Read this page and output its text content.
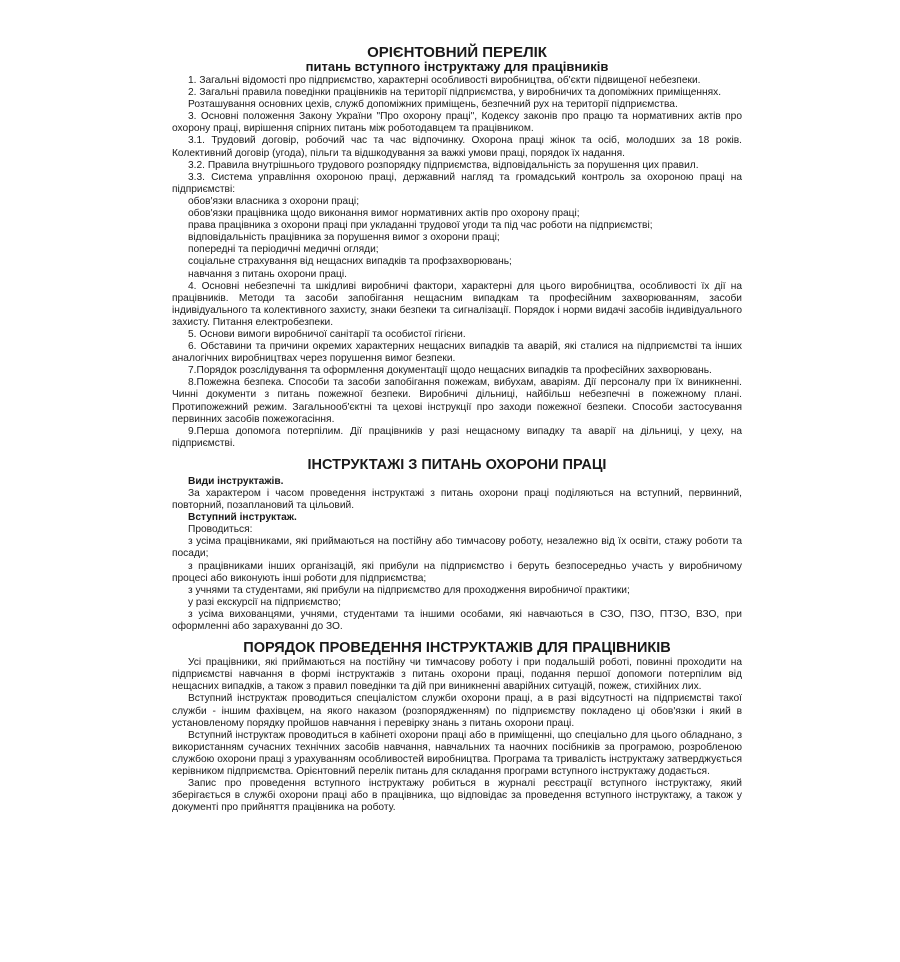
ОРІЄНТОВНИЙ ПЕРЕЛІК
питань вступного інструктажу для працівників

1. Загальні відомості про підприємство, характерні особливості виробництва, об'єкти підвищеної небезпеки.

2. Загальні правила поведінки працівників на території підприємства, у виробничих та допоміжних приміщеннях.

Розташування основних цехів, служб допоміжних приміщень, безпечний рух на території підприємства.

3. Основні положення Закону України "Про охорону праці", Кодексу законів про працю та нормативних актів про охорону праці, вирішення спірних питань між роботодавцем та працівником.

3.1. Трудовий договір, робочий час та час відпочинку. Охорона праці жінок та осіб, молодших за 18 років. Колективний договір (угода), пільги та відшкодування за важкі умови праці, порядок їх надання.

3.2. Правила внутрішнього трудового розпорядку підприємства, відповідальність за порушення цих правил.

3.3. Система управління охороною праці, державний нагляд та громадський контроль за охороною праці на підприємстві:

обов'язки власника з охорони праці;

обов'язки працівника щодо виконання вимог нормативних актів про охорону праці;

права працівника з охорони праці при укладанні трудової угоди та під час роботи на підприємстві;

відповідальність працівника за порушення вимог з охорони праці;

попередні та періодичні медичні огляди;

соціальне страхування від нещасних випадків та профзахворювань;

навчання з питань охорони праці.

4. Основні небезпечні та шкідливі виробничі фактори, характерні для цього виробництва, особливості їх дії на працівників. Методи та засоби запобігання нещасним випадкам та професійним захворюванням, засоби індивідуального та колективного захисту, знаки безпеки та сигналізації. Порядок і норми видачі засобів індивідуального захисту. Питання електробезпеки.

5. Основи вимоги виробничої санітарії та особистої гігієни.

6. Обставини та причини окремих характерних нещасних випадків та аварій, які сталися на підприємстві та інших аналогічних виробництвах через порушення вимог безпеки.

7.Порядок розслідування та оформлення документації щодо нещасних випадків та професійних захворювань.

8.Пожежна безпека. Способи та засоби запобігання пожежам, вибухам, аваріям. Дії персоналу при їх виникненні. Чинні документи з питань пожежної безпеки. Виробничі дільниці, найбільш небезпечні в пожежному плані. Протипожежний режим. Загальнооб'єктні та цехові інструкції про заходи пожежної безпеки. Способи застосування первинних засобів пожежогасіння.

9.Перша допомога потерпілим. Дії працівників у разі нещасному випадку та аварії на дільниці, у цеху, на підприємстві.

ІНСТРУКТАЖІ З ПИТАНЬ ОХОРОНИ ПРАЦІ

Види інструктажів.

За характером і часом проведення інструктажі з питань охорони праці поділяються на вступний, первинний, повторний, позаплановий та цільовий.

Вступний інструктаж.

Проводиться:

з усіма працівниками, які приймаються на постійну або тимчасову роботу, незалежно від їх освіти, стажу роботи та посади;

з працівниками інших організацій, які прибули на підприємство і беруть безпосередньо участь у виробничому процесі або виконують інші роботи для підприємства;

з учнями та студентами, які прибули на підприємство для проходження виробничої практики;

у разі екскурсії на підприємство;

з усіма вихованцями, учнями, студентами та іншими особами, які навчаються в СЗО, ПЗО, ПТЗО, ВЗО, при оформленні або зарахуванні до ЗО.

ПОРЯДОК ПРОВЕДЕННЯ ІНСТРУКТАЖІВ ДЛЯ ПРАЦІВНИКІВ

Усі працівники, які приймаються на постійну чи тимчасову роботу і при подальшій роботі, повинні проходити на підприємстві навчання в формі інструктажів з питань охорони праці, подання першої допомоги потерпілим від нещасних випадків, а також з правил поведінки та дій при виникненні аварійних ситуацій, пожеж, стихійних лих.

Вступний інструктаж проводиться спеціалістом служби охорони праці, а в разі відсутності на підприємстві такої служби - іншим фахівцем, на якого наказом (розпорядженням) по підприємству покладено ці обов'язки і який в установленому порядку пройшов навчання і перевірку знань з питань охорони праці.

Вступний інструктаж проводиться в кабінеті охорони праці або в приміщенні, що спеціально для цього обладнано, з використанням сучасних технічних засобів навчання, навчальних та наочних посібників за програмою, розробленою службою охорони праці з урахуванням особливостей виробництва. Програма та тривалість інструктажу затверджується керівником підприємства. Орієнтовний перелік питань для складання програми вступного інструктажу додається.

Запис про проведення вступного інструктажу робиться в журналі реєстрації вступного інструктажу, який зберігається в службі охорони праці або в працівника, що відповідає за проведення вступного інструктажу, а також у документі про прийняття працівника на роботу.
